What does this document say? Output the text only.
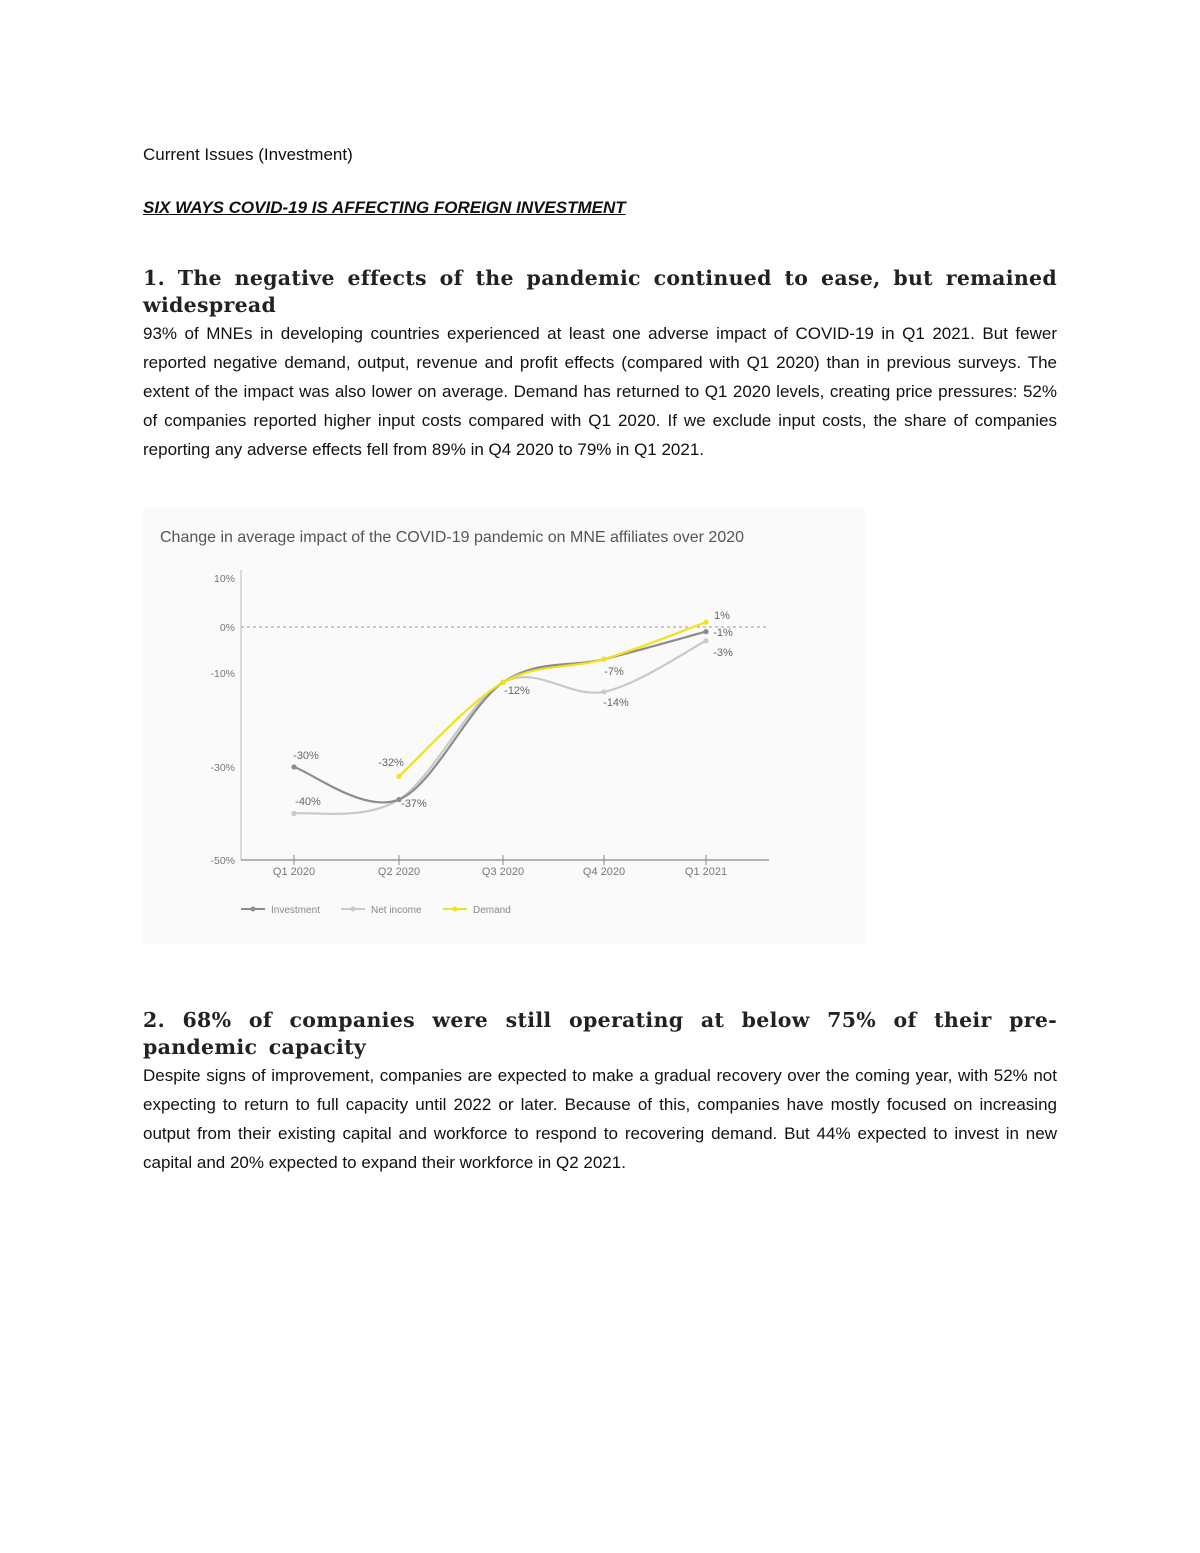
Current Issues (Investment)
SIX WAYS COVID-19 IS AFFECTING FOREIGN INVESTMENT
1. The negative effects of the pandemic continued to ease, but remained widespread

93% of MNEs in developing countries experienced at least one adverse impact of COVID-19 in Q1 2021. But fewer reported negative demand, output, revenue and profit effects (compared with Q1 2020) than in previous surveys. The extent of the impact was also lower on average. Demand has returned to Q1 2020 levels, creating price pressures: 52% of companies reported higher input costs compared with Q1 2020. If we exclude input costs, the share of companies reporting any adverse effects fell from 89% in Q4 2020 to 79% in Q1 2021.

Change in average impact of the COVID-19 pandemic on MNE affiliates over 2020
10%
0%
-10%
-30%
-50%
Q1 2020	Q2 2020	Q3 2020	Q4 2020	Q1 2021
-30%
-40%
-32%
-37%
-12%
-7%
-14%
1%
-1%
-3%
Investment	Net income	Demand
2. 68% of companies were still operating at below 75% of their pre-pandemic capacity

Despite signs of improvement, companies are expected to make a gradual recovery over the coming year, with 52% not expecting to return to full capacity until 2022 or later. Because of this, companies have mostly focused on increasing output from their existing capital and workforce to respond to recovering demand. But 44% expected to invest in new capital and 20% expected to expand their workforce in Q2 2021.
